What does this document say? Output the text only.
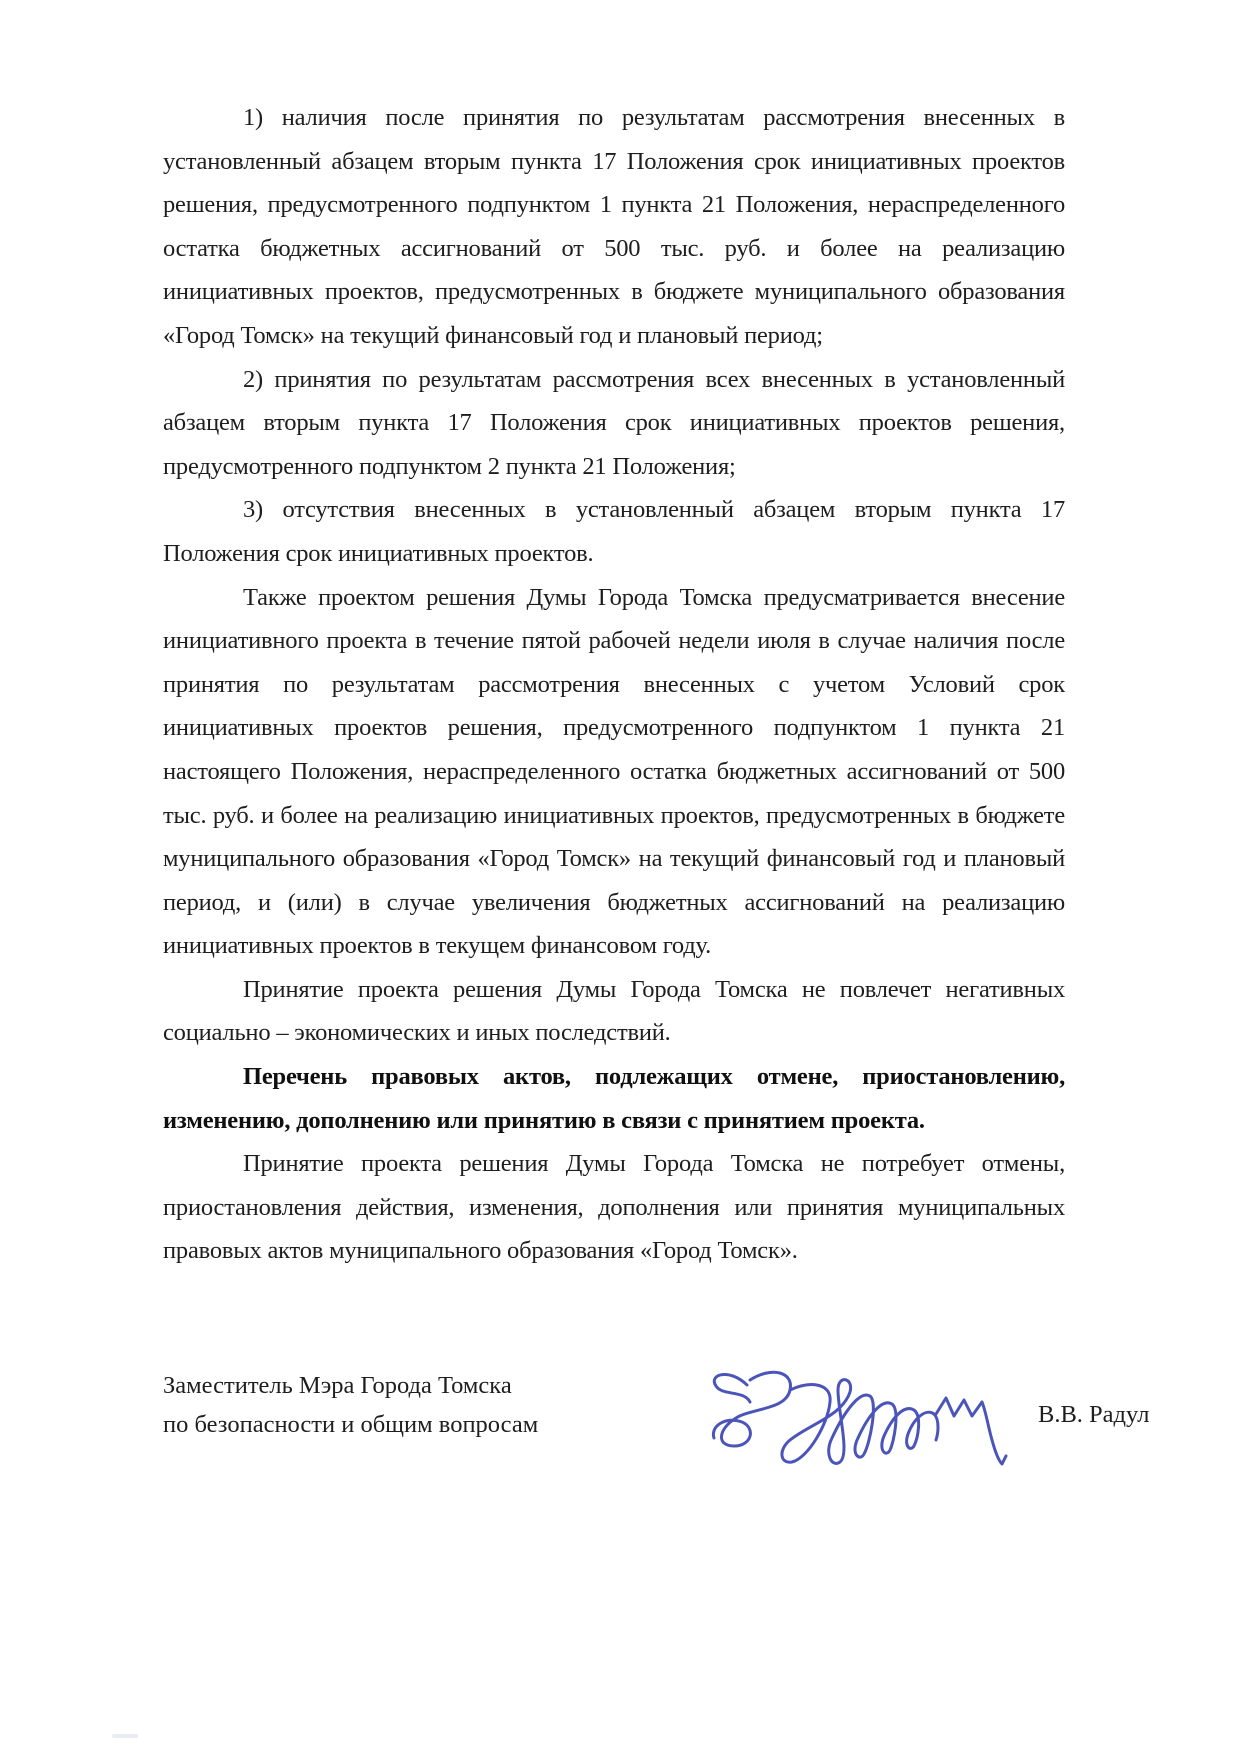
1) наличия после принятия по результатам рассмотрения внесенных в установленный абзацем вторым пункта 17 Положения срок инициативных проектов решения, предусмотренного подпунктом 1 пункта 21 Положения, нераспределенного остатка бюджетных ассигнований от 500 тыс. руб. и более на реализацию инициативных проектов, предусмотренных в бюджете муниципального образования «Город Томск» на текущий финансовый год и плановый период;

2) принятия по результатам рассмотрения всех внесенных в установленный абзацем вторым пункта 17 Положения срок инициативных проектов решения, предусмотренного подпунктом 2 пункта 21 Положения;

3) отсутствия внесенных в установленный абзацем вторым пункта 17 Положения срок инициативных проектов.

Также проектом решения Думы Города Томска предусматривается внесение инициативного проекта в течение пятой рабочей недели июля в случае наличия после принятия по результатам рассмотрения внесенных с учетом Условий срок инициативных проектов решения, предусмотренного подпунктом 1 пункта 21 настоящего Положения, нераспределенного остатка бюджетных ассигнований от 500 тыс. руб. и более на реализацию инициативных проектов, предусмотренных в бюджете муниципального образования «Город Томск» на текущий финансовый год и плановый период, и (или) в случае увеличения бюджетных ассигнований на реализацию инициативных проектов в текущем финансовом году.

Принятие проекта решения Думы Города Томска не повлечет негативных социально – экономических и иных последствий.

Перечень правовых актов, подлежащих отмене, приостановлению, изменению, дополнению или принятию в связи с принятием проекта.

Принятие проекта решения Думы Города Томска не потребует отмены, приостановления действия, изменения, дополнения или принятия муниципальных правовых актов муниципального образования «Город Томск».

Заместитель Мэра Города Томска
по безопасности и общим вопросам	В.В. Радул
